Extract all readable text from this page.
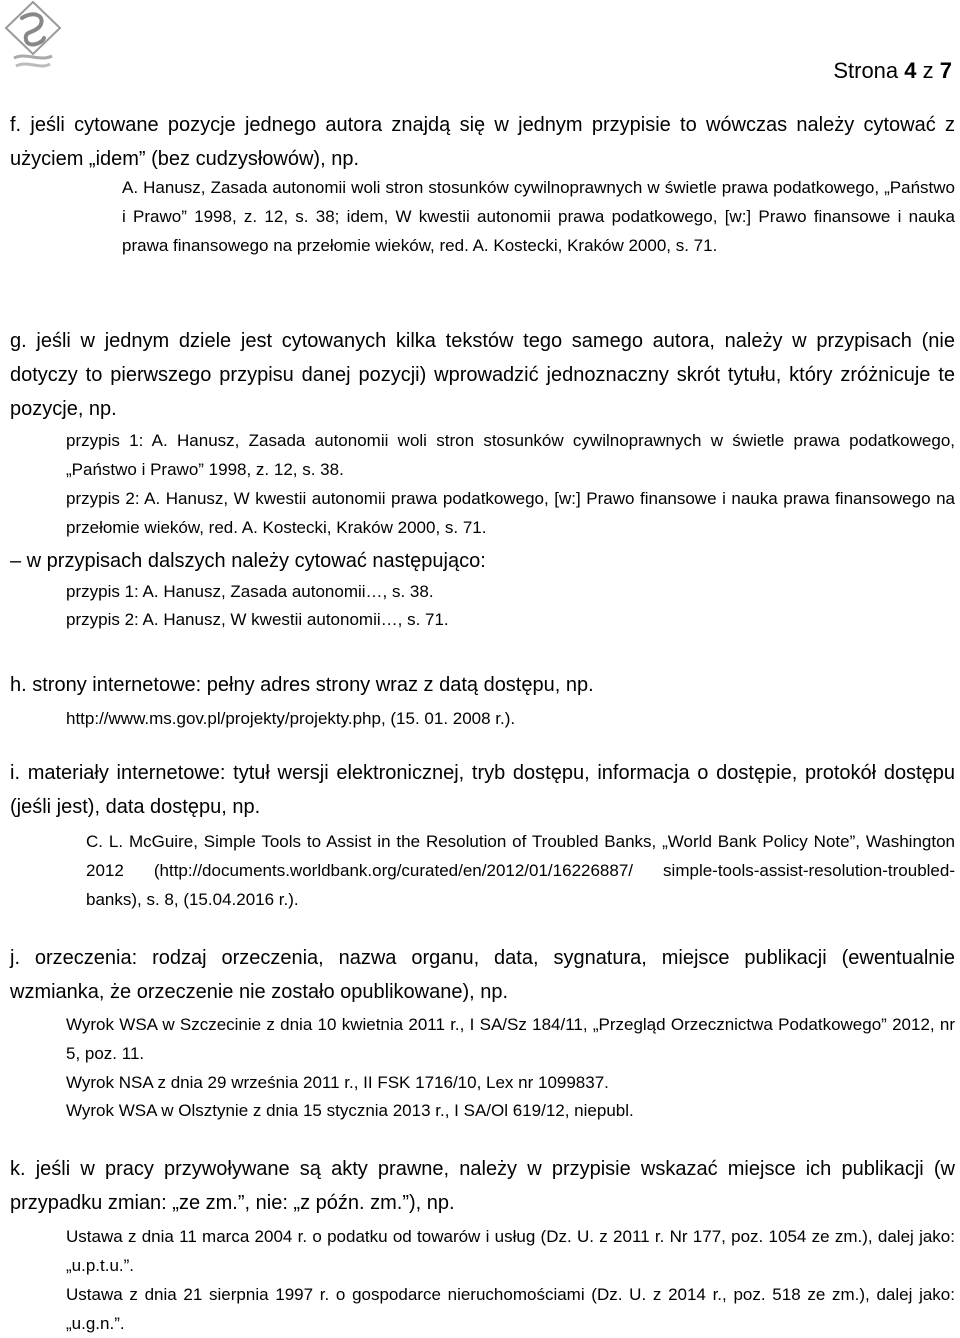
Strona 4 z 7
f. jeśli cytowane pozycje jednego autora znajdą się w jednym przypisie to wówczas należy cytować z użyciem „idem” (bez cudzysłowów), np.
A. Hanusz, Zasada autonomii woli stron stosunków cywilnoprawnych w świetle prawa podatkowego, „Państwo i Prawo” 1998, z. 12, s. 38; idem, W kwestii autonomii prawa podatkowego, [w:] Prawo finansowe i nauka prawa finansowego na przełomie wieków, red. A. Kostecki, Kraków 2000, s. 71.
g. jeśli w jednym dziele jest cytowanych kilka tekstów tego samego autora, należy w przypisach (nie dotyczy to pierwszego przypisu danej pozycji) wprowadzić jednoznaczny skrót tytułu, który zróżnicuje te pozycje, np.
przypis 1: A. Hanusz, Zasada autonomii woli stron stosunków cywilnoprawnych w świetle prawa podatkowego, „Państwo i Prawo” 1998, z. 12, s. 38.
przypis 2: A. Hanusz, W kwestii autonomii prawa podatkowego, [w:] Prawo finansowe i nauka prawa finansowego na przełomie wieków, red. A. Kostecki, Kraków 2000, s. 71.
– w przypisach dalszych należy cytować następująco:
przypis 1: A. Hanusz, Zasada autonomii…, s. 38.
przypis 2: A. Hanusz, W kwestii autonomii…, s. 71.
h. strony internetowe: pełny adres strony wraz z datą dostępu, np.
http://www.ms.gov.pl/projekty/projekty.php, (15. 01. 2008 r.).
i. materiały internetowe: tytuł wersji elektronicznej, tryb dostępu, informacja o dostępie, protokół dostępu (jeśli jest), data dostępu, np.
C. L. McGuire, Simple Tools to Assist in the Resolution of Troubled Banks, „World Bank Policy Note”, Washington 2012 (http://documents.worldbank.org/curated/en/2012/01/16226887/ simple-tools-assist-resolution-troubled-banks), s. 8, (15.04.2016 r.).
j. orzeczenia: rodzaj orzeczenia, nazwa organu, data, sygnatura, miejsce publikacji (ewentualnie wzmianka, że orzeczenie nie zostało opublikowane), np.
Wyrok WSA w Szczecinie z dnia 10 kwietnia 2011 r., I SA/Sz 184/11, „Przegląd Orzecznictwa Podatkowego” 2012, nr 5, poz. 11.
Wyrok NSA z dnia 29 września 2011 r., II FSK 1716/10, Lex nr 1099837.
Wyrok WSA w Olsztynie z dnia 15 stycznia 2013 r., I SA/Ol 619/12, niepubl.
k. jeśli w pracy przywoływane są akty prawne, należy w przypisie wskazać miejsce ich publikacji (w przypadku zmian: „ze zm.”, nie: „z późn. zm.”), np.
Ustawa z dnia 11 marca 2004 r. o podatku od towarów i usług (Dz. U. z 2011 r. Nr 177, poz. 1054 ze zm.), dalej jako: „u.p.t.u.”.
Ustawa z dnia 21 sierpnia 1997 r. o gospodarce nieruchomościami (Dz. U. z 2014 r., poz. 518 ze zm.), dalej jako: „u.g.n.”.
